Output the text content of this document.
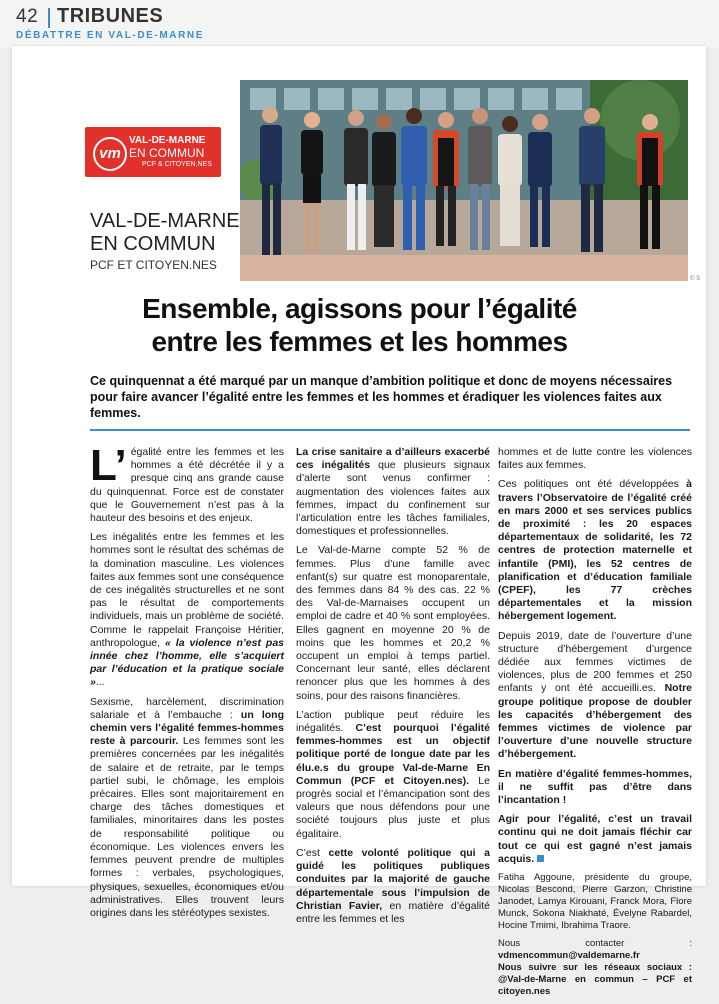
42 TRIBUNES
DÉBATTRE EN VAL-DE-MARNE
vm
VAL-DE-MARNE
EN COMMUN
PCF & CITOYEN.NES
VAL-DE-MARNE
EN COMMUN
PCF ET CITOYEN.NES
© S
Ensemble, agissons pour l’égalité
entre les femmes et les hommes
Ce quinquennat a été marqué par un manque d’ambition politique et donc de moyens nécessaires pour faire avancer l’égalité entre les femmes et les hommes et éradiquer les violences faites aux femmes.

L’ égalité entre les femmes et les hommes a été décrétée il y a presque cinq ans grande cause du quinquennat. Force est de constater que le Gouvernement n’est pas à la hauteur des besoins et des enjeux.

Les inégalités entre les femmes et les hommes sont le résultat des schémas de la domination masculine. Les violences faites aux femmes sont une conséquence de ces inégalités structurelles et ne sont pas le résultat de comportements individuels, mais un problème de société. Comme le rappelait Françoise Héritier, anthropologue, « la violence n’est pas innée chez l’homme, elle s’acquiert par l’éducation et la pratique sociale »...

Sexisme, harcèlement, discrimination salariale et à l’embauche : un long chemin vers l’égalité femmes-hommes reste à parcourir. Les femmes sont les premières concernées par les inégalités de salaire et de retraite, par le temps partiel subi, le chômage, les emplois précaires. Elles sont majoritairement en charge des tâches domestiques et familiales, minoritaires dans les postes de responsabilité politique ou économique. Les violences envers les femmes peuvent prendre de multiples formes : verbales, psychologiques, physiques, sexuelles, économiques et/ou administratives. Elles trouvent leurs origines dans les stéréotypes sexistes.

La crise sanitaire a d’ailleurs exacerbé ces inégalités que plusieurs signaux d’alerte sont venus confirmer : augmentation des violences faites aux femmes, impact du confinement sur l’articulation entre les tâches familiales, domestiques et professionnelles.

Le Val-de-Marne compte 52 % de femmes. Plus d’une famille avec enfant(s) sur quatre est monoparentale, des femmes dans 84 % des cas. 22 % des Val-de-Marnaises occupent un emploi de cadre et 40 % sont employées. Elles gagnent en moyenne 20 % de moins que les hommes et 20,2 % occupent un emploi à temps partiel. Concernant leur santé, elles déclarent renoncer plus que les hommes à des soins, pour des raisons financières.

L’action publique peut réduire les inégalités. C’est pourquoi l’égalité femmes-hommes est un objectif politique porté de longue date par les élu.e.s du groupe Val-de-Marne En Commun (PCF et Citoyen.nes). Le progrès social et l’émancipation sont des valeurs que nous défendons pour une société toujours plus juste et plus égalitaire.

C’est cette volonté politique qui a guidé les politiques publiques conduites par la majorité de gauche départementale sous l’impulsion de Christian Favier, en matière d’égalité entre les femmes et les

hommes et de lutte contre les violences faites aux femmes.

Ces politiques ont été développées à travers l’Observatoire de l’égalité créé en mars 2000 et ses services publics de proximité : les 20 espaces départementaux de solidarité, les 72 centres de protection maternelle et infantile (PMI), les 52 centres de planification et d’éducation familiale (CPEF), les 77 crèches départementales et la mission hébergement logement.

Depuis 2019, date de l’ouverture d’une structure d’hébergement d’urgence dédiée aux femmes victimes de violences, plus de 200 femmes et 250 enfants y ont été accueilli.es. Notre groupe politique propose de doubler les capacités d’hébergement des femmes victimes de violence par l’ouverture d’une nouvelle structure d’hébergement.

En matière d’égalité femmes-hommes, il ne suffit pas d’être dans l’incantation !

Agir pour l’égalité, c’est un travail continu qui ne doit jamais fléchir car tout ce qui est gagné n’est jamais acquis.

Fatiha Aggoune, présidente du groupe, Nicolas Bescond, Pierre Garzon, Christine Janodet, Lamya Kirouani, Franck Mora, Flore Munck, Sokona Niakhaté, Évelyne Rabardel, Hocine Tmimi, Ibrahima Traore.

Nous contacter : vdmencommun@valdemarne.fr
Nous suivre sur les réseaux sociaux : @Val-de-Marne en commun – PCF et citoyen.nes
